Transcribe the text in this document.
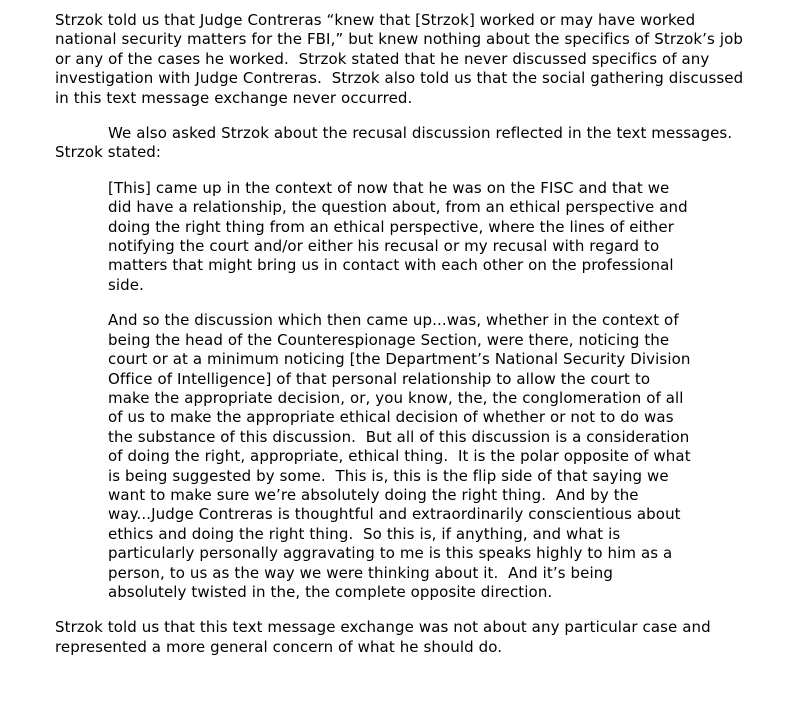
Strzok told us that Judge Contreras “knew that [Strzok] worked or may have worked national security matters for the FBI,” but knew nothing about the specifics of Strzok’s job or any of the cases he worked.  Strzok stated that he never discussed specifics of any investigation with Judge Contreras.  Strzok also told us that the social gathering discussed in this text message exchange never occurred.

We also asked Strzok about the recusal discussion reflected in the text messages.  Strzok stated:

[This] came up in the context of now that he was on the FISC and that we did have a relationship, the question about, from an ethical perspective and doing the right thing from an ethical perspective, where the lines of either notifying the court and/or either his recusal or my recusal with regard to matters that might bring us in contact with each other on the professional side.

And so the discussion which then came up...was, whether in the context of being the head of the Counterespionage Section, were there, noticing the court or at a minimum noticing [the Department’s National Security Division Office of Intelligence] of that personal relationship to allow the court to make the appropriate decision, or, you know, the, the conglomeration of all of us to make the appropriate ethical decision of whether or not to do was the substance of this discussion.  But all of this discussion is a consideration of doing the right, appropriate, ethical thing.  It is the polar opposite of what is being suggested by some.  This is, this is the flip side of that saying we want to make sure we’re absolutely doing the right thing.  And by the way...Judge Contreras is thoughtful and extraordinarily conscientious about ethics and doing the right thing.  So this is, if anything, and what is particularly personally aggravating to me is this speaks highly to him as a person, to us as the way we were thinking about it.  And it’s being absolutely twisted in the, the complete opposite direction.

Strzok told us that this text message exchange was not about any particular case and represented a more general concern of what he should do.
